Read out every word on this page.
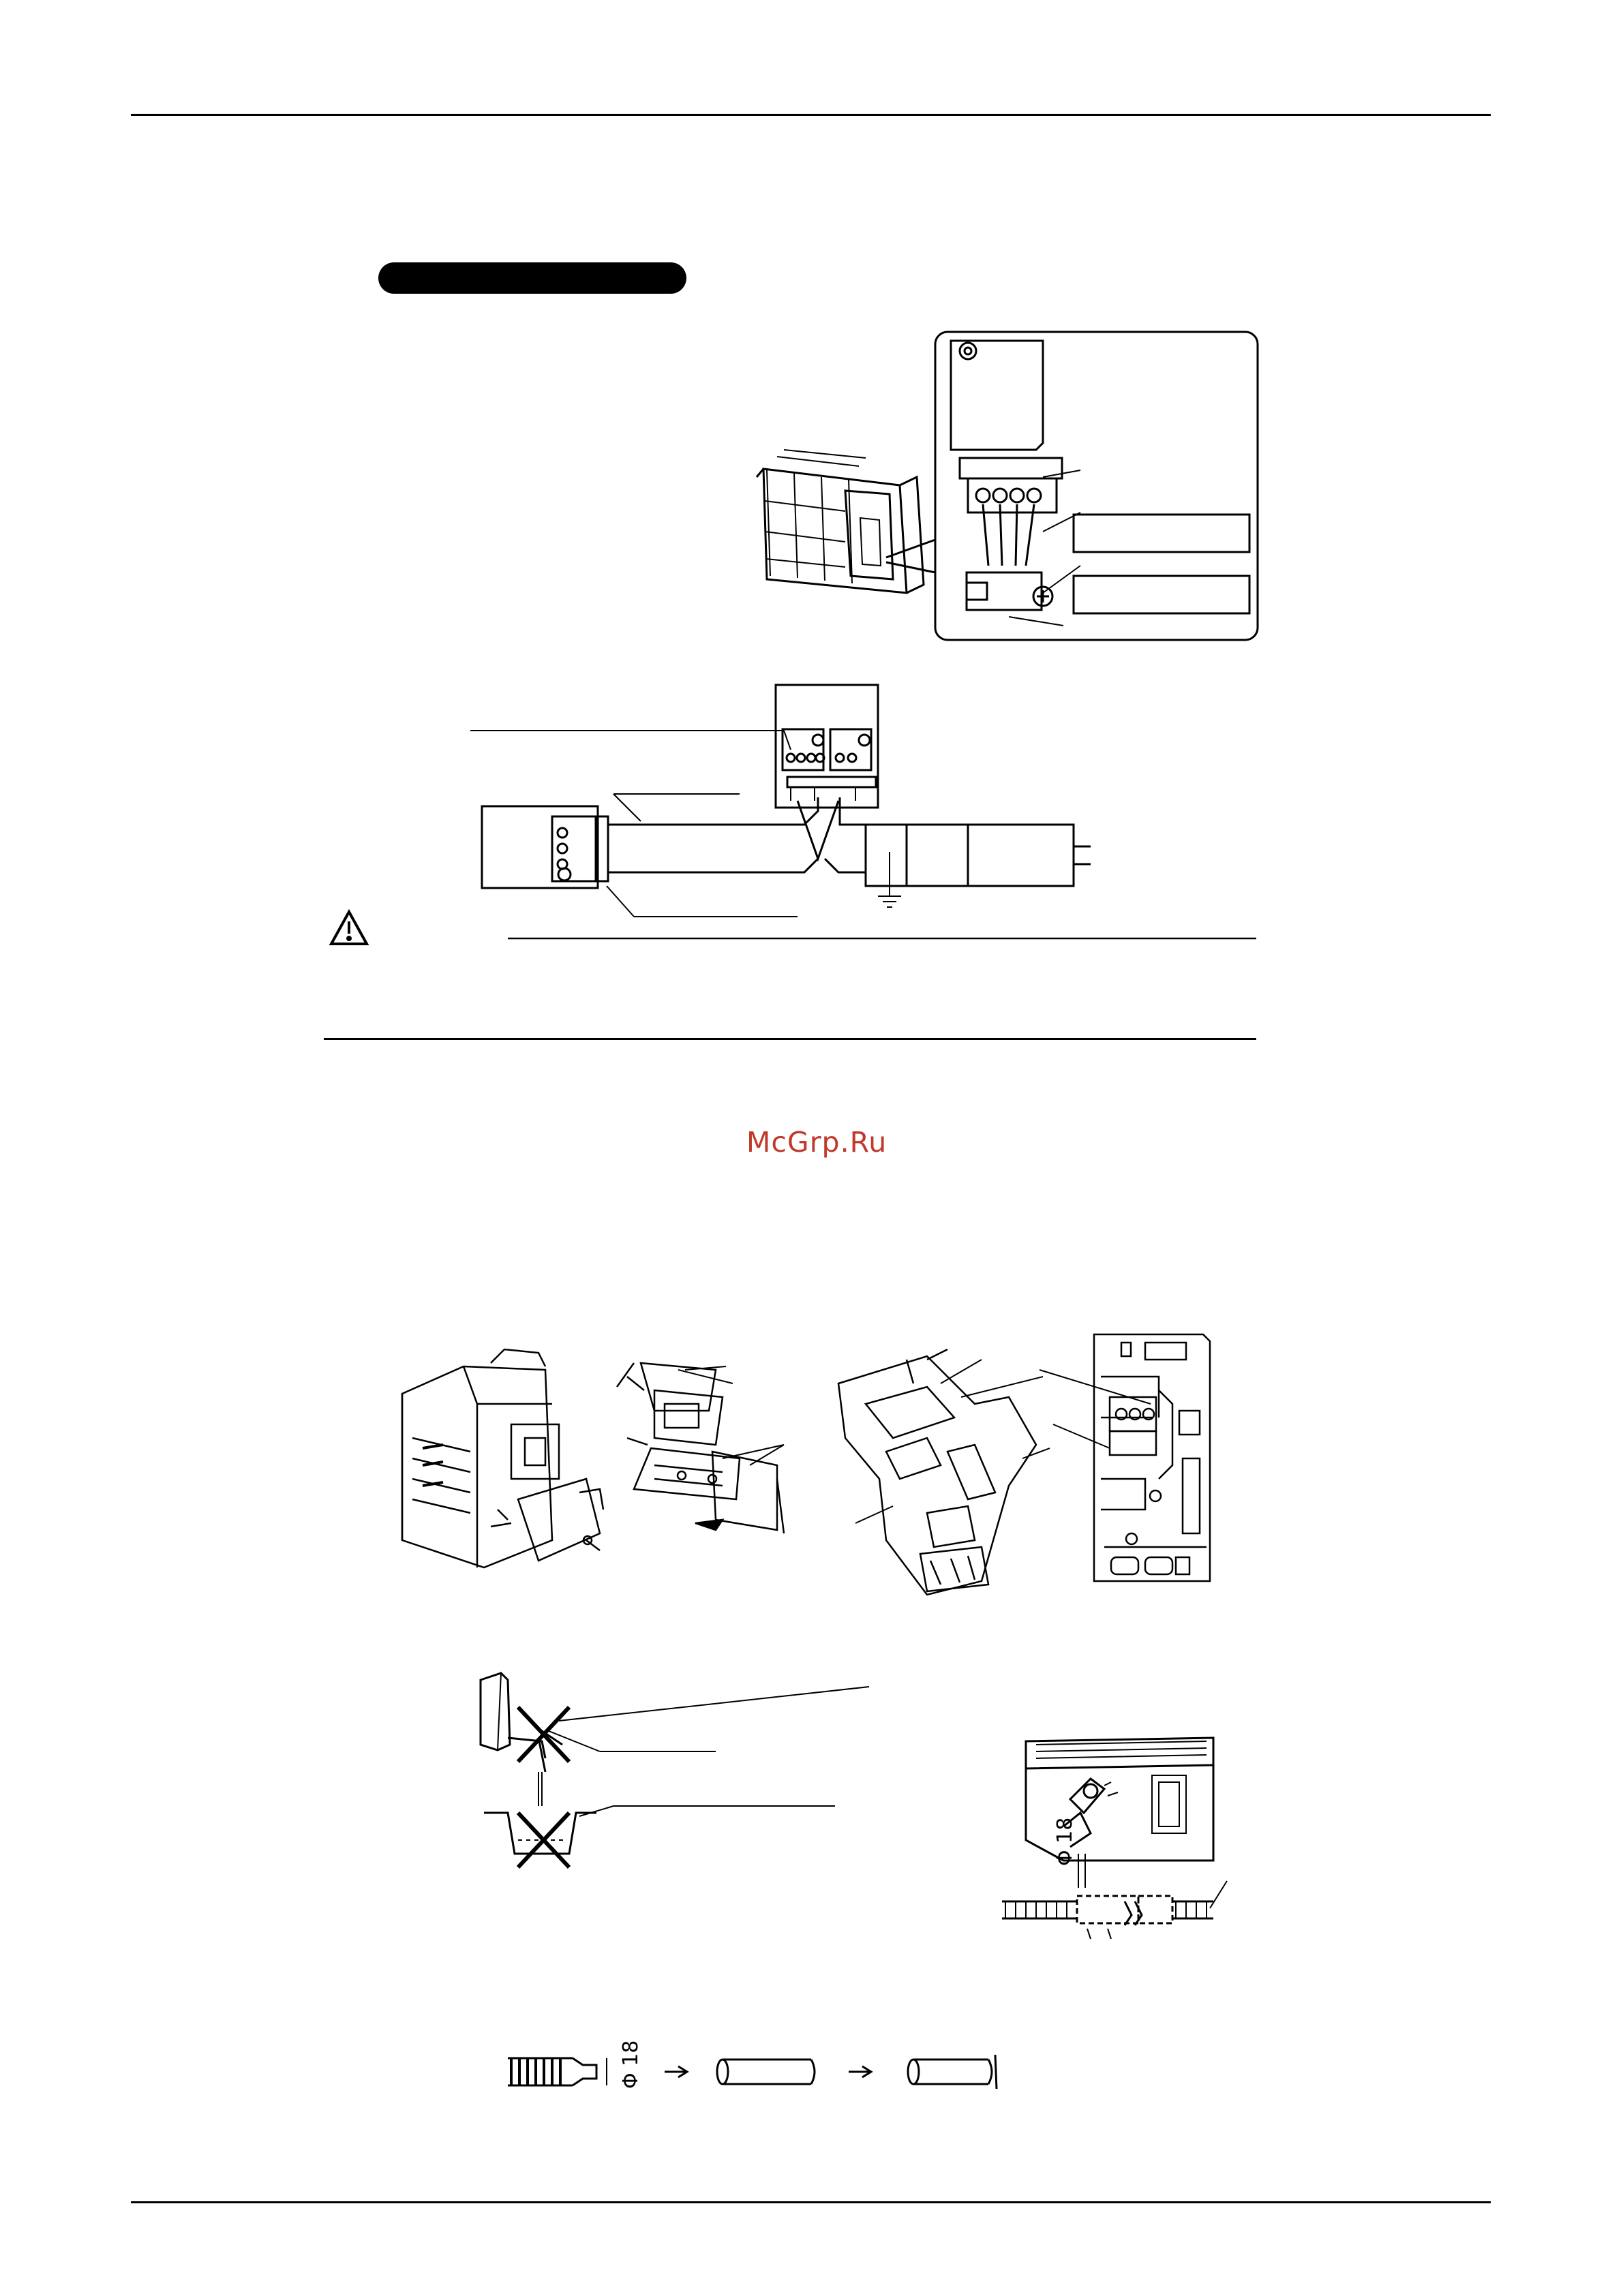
McGrp.Ru
Φ 18
Φ 18
